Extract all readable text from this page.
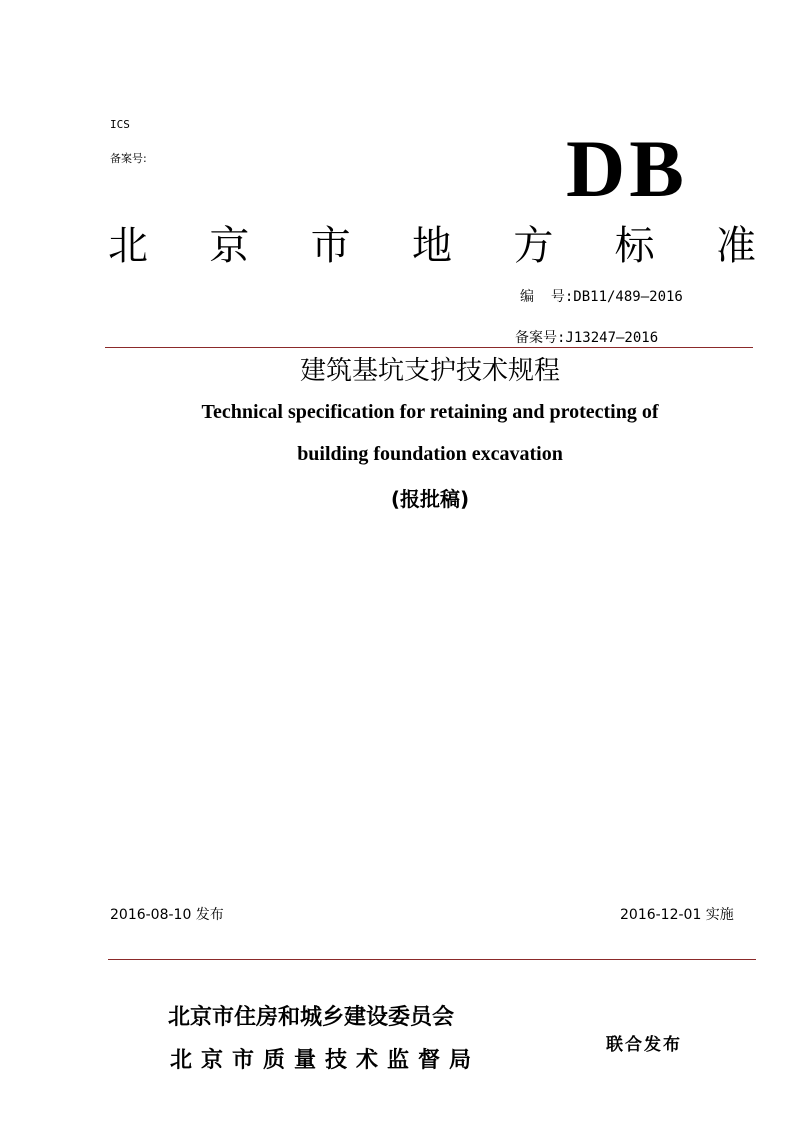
ICS
备案号:	DB
北 京 市 地 方 标 准
编  号:DB11/489—2016
备案号:J13247—2016
建筑基坑支护技术规程
Technical specification for retaining and protecting of
building foundation excavation
(报批稿)
2016-08-10 发布	2016-12-01 实施
北京市住房和城乡建设委员会
北京市质量技术监督局
联合发布
